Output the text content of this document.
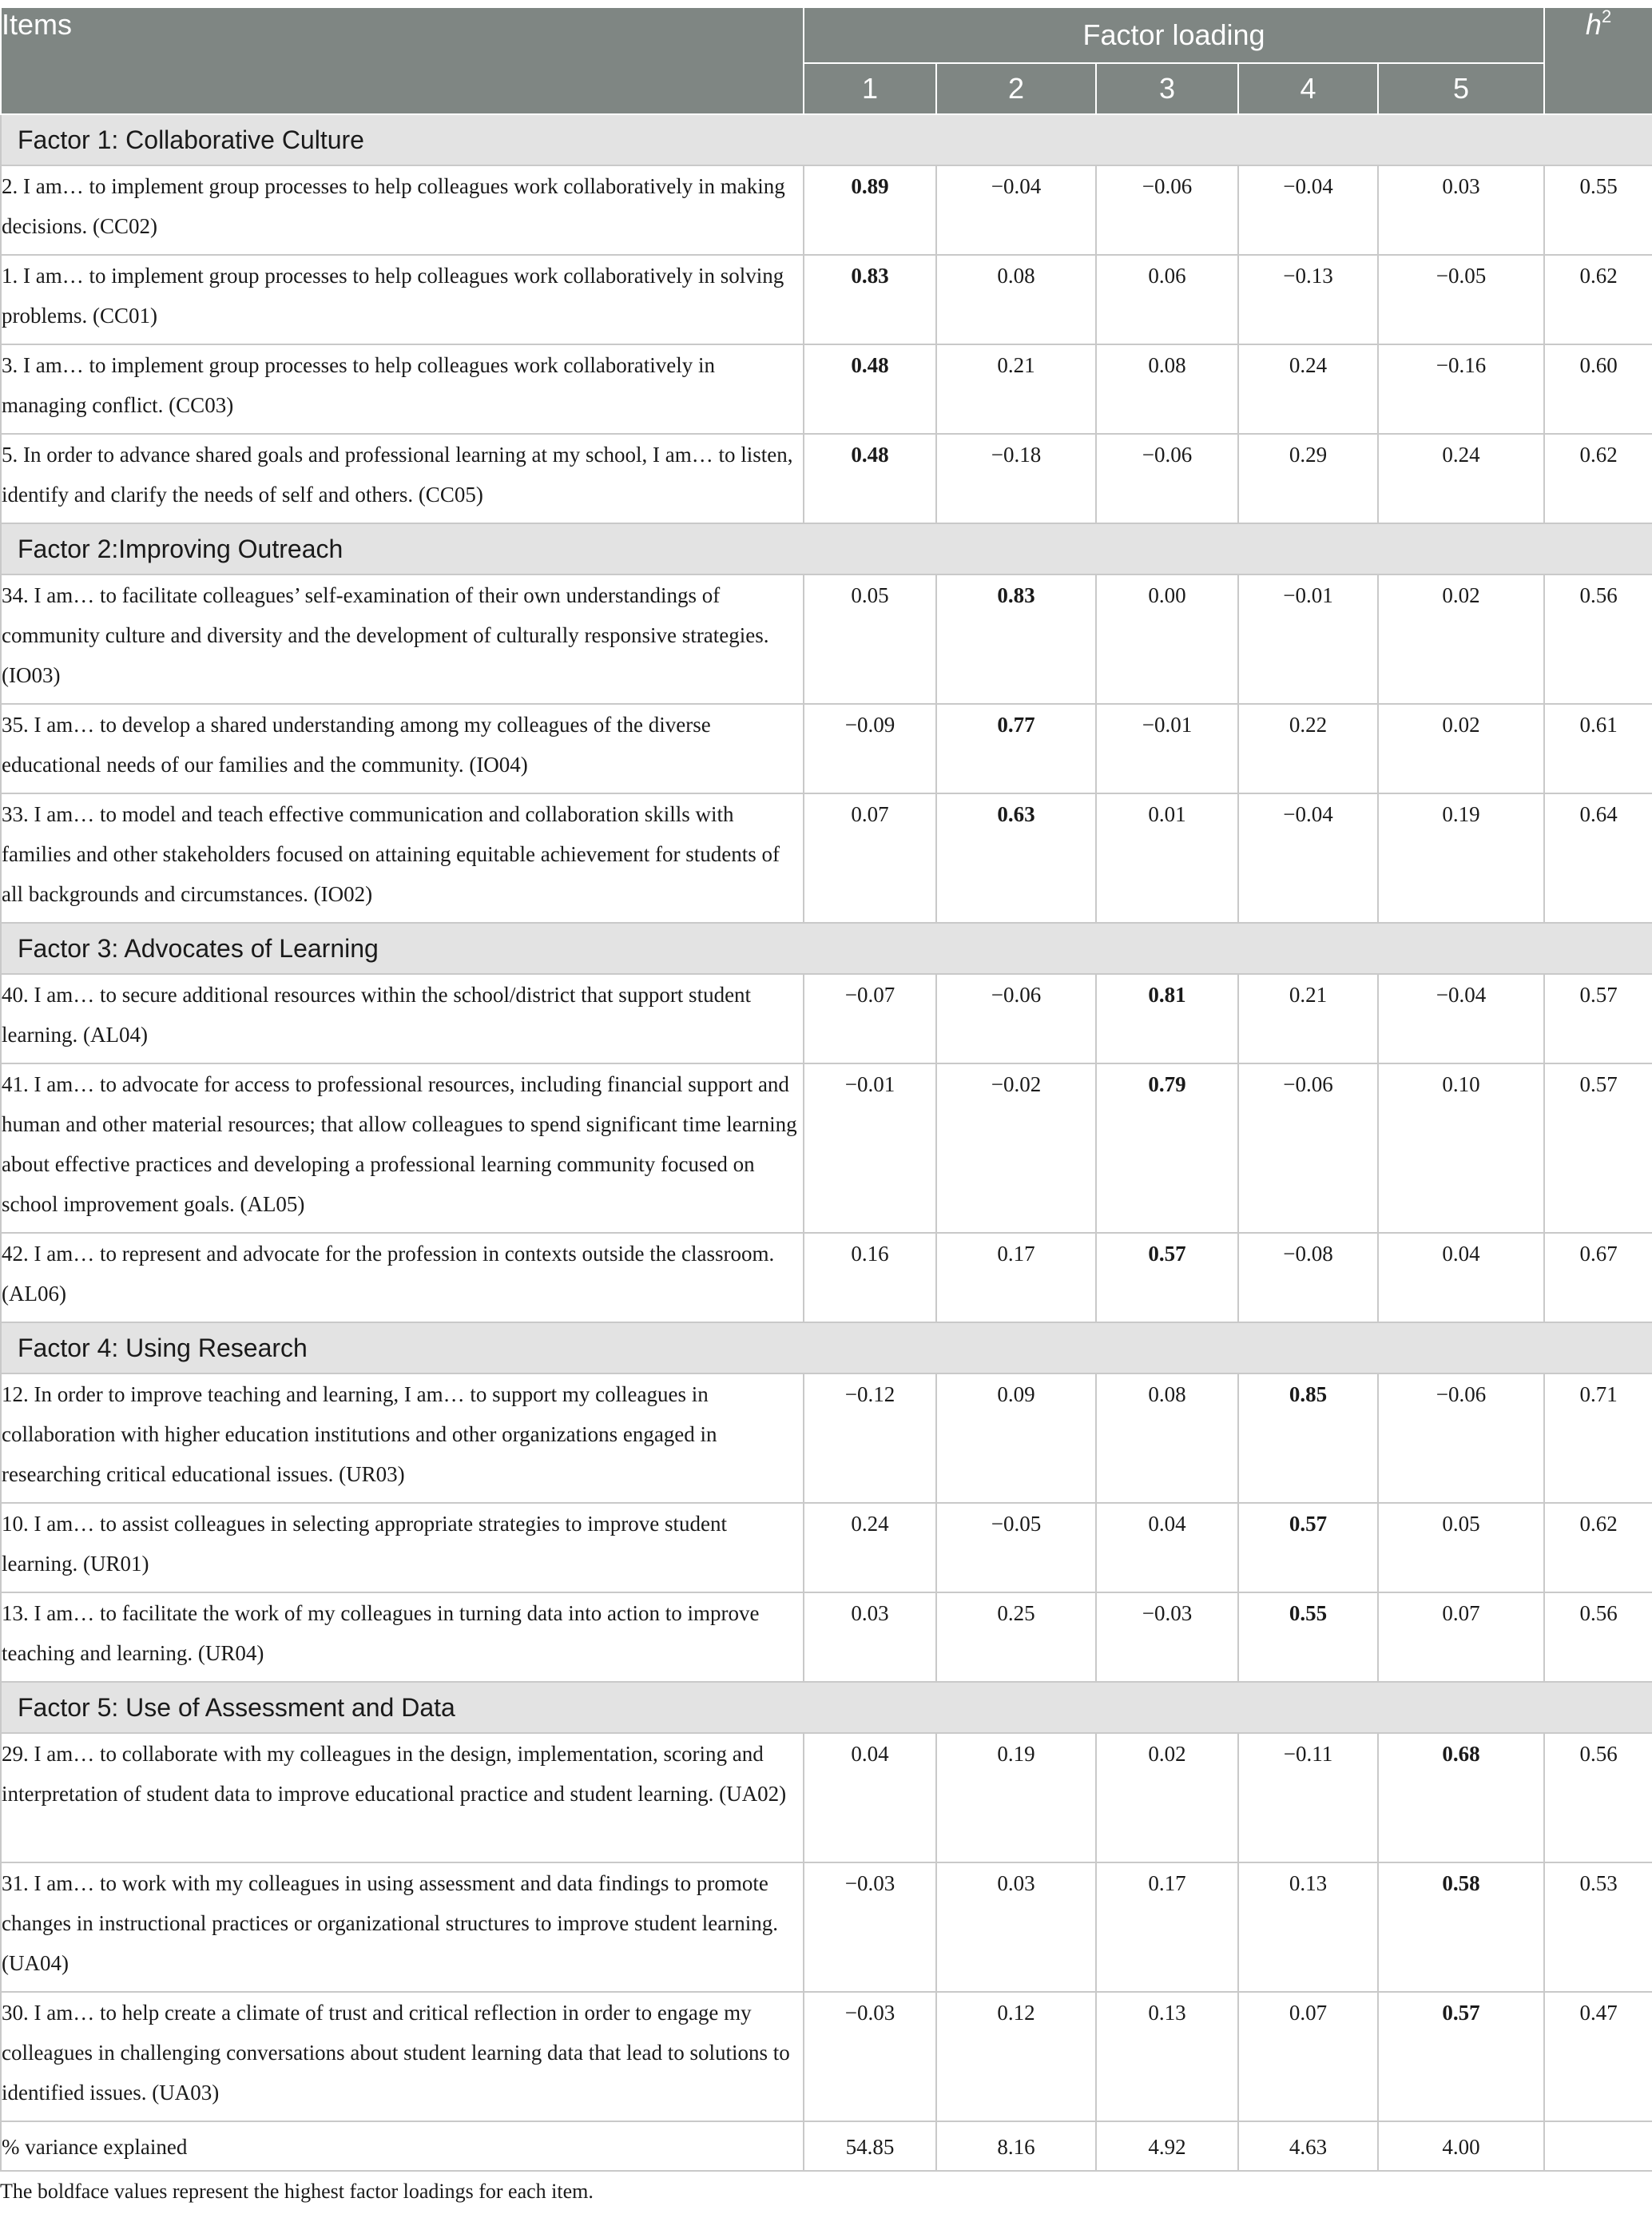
Items	Factor loading					$h^2$
	1	2	3	4	5	
Factor 1: Collaborative Culture						
2. I am… to implement group processes to help colleagues work collaboratively in making decisions. (CC02)	0.89	−0.04	−0.06	−0.04	0.03	0.55
1. I am… to implement group processes to help colleagues work collaboratively in solving problems. (CC01)	0.83	0.08	0.06	−0.13	−0.05	0.62
3. I am… to implement group processes to help colleagues work collaboratively in managing conflict. (CC03)	0.48	0.21	0.08	0.24	−0.16	0.60
5. In order to advance shared goals and professional learning at my school, I am… to listen, identify and clarify the needs of self and others. (CC05)	0.48	−0.18	−0.06	0.29	0.24	0.62
Factor 2:Improving Outreach						
34. I am… to facilitate colleagues’ self-examination of their own understandings of community culture and diversity and the development of culturally responsive strategies. (IO03)	0.05	0.83	0.00	−0.01	0.02	0.56
35. I am… to develop a shared understanding among my colleagues of the diverse educational needs of our families and the community. (IO04)	−0.09	0.77	−0.01	0.22	0.02	0.61
33. I am… to model and teach effective communication and collaboration skills with families and other stakeholders focused on attaining equitable achievement for students of all backgrounds and circumstances. (IO02)	0.07	0.63	0.01	−0.04	0.19	0.64
Factor 3: Advocates of Learning						
40. I am… to secure additional resources within the school/district that support student learning. (AL04)	−0.07	−0.06	0.81	0.21	−0.04	0.57
41. I am… to advocate for access to professional resources, including financial support and human and other material resources; that allow colleagues to spend significant time learning about effective practices and developing a professional learning community focused on school improvement goals. (AL05)	−0.01	−0.02	0.79	−0.06	0.10	0.57
42. I am… to represent and advocate for the profession in contexts outside the classroom. (AL06)	0.16	0.17	0.57	−0.08	0.04	0.67
Factor 4: Using Research						
12. In order to improve teaching and learning, I am… to support my colleagues in collaboration with higher education institutions and other organizations engaged in researching critical educational issues. (UR03)	−0.12	0.09	0.08	0.85	−0.06	0.71
10. I am… to assist colleagues in selecting appropriate strategies to improve student learning. (UR01)	0.24	−0.05	0.04	0.57	0.05	0.62
13. I am… to facilitate the work of my colleagues in turning data into action to improve teaching and learning. (UR04)	0.03	0.25	−0.03	0.55	0.07	0.56
Factor 5: Use of Assessment and Data						
29. I am… to collaborate with my colleagues in the design, implementation, scoring and interpretation of student data to improve educational practice and student learning. (UA02)	0.04	0.19	0.02	−0.11	0.68	0.56
31. I am… to work with my colleagues in using assessment and data findings to promote changes in instructional practices or organizational structures to improve student learning. (UA04)	−0.03	0.03	0.17	0.13	0.58	0.53
30. I am… to help create a climate of trust and critical reflection in order to engage my colleagues in challenging conversations about student learning data that lead to solutions to identified issues. (UA03)	−0.03	0.12	0.13	0.07	0.57	0.47
% variance explained	54.85	8.16	4.92	4.63	4.00	
The boldface values represent the highest factor loadings for each item.
